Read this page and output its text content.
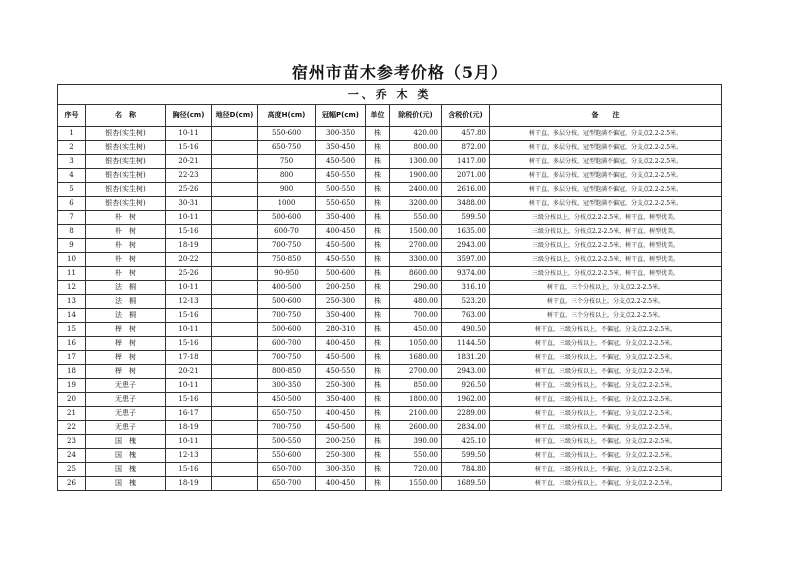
宿州市苗木参考价格（5月）
一、乔 木 类									
序号	名　称	胸径(cm)	地径D(cm)	高度H(cm)	冠幅P(cm)	单位	除税价(元)	含税价(元)	备　　注
1	银杏(实生树)	10-11		550-600	300-350	株	420.00	457.80	树干直，多层分枝，冠型饱满不偏冠，分支点2.2-2.5米。
2	银杏(实生树)	15-16		650-750	350-450	株	800.00	872.00	树干直，多层分枝，冠型饱满不偏冠，分支点2.2-2.5米。
3	银杏(实生树)	20-21		750	450-500	株	1300.00	1417.00	树干直，多层分枝，冠型饱满不偏冠，分支点2.2-2.5米。
4	银杏(实生树)	22-23		800	450-550	株	1900.00	2071.00	树干直，多层分枝，冠型饱满不偏冠，分支点2.2-2.5米。
5	银杏(实生树)	25-26		900	500-550	株	2400.00	2616.00	树干直，多层分枝，冠型饱满不偏冠，分支点2.2-2.5米。
6	银杏(实生树)	30-31		1000	550-650	株	3200.00	3488.00	树干直，多层分枝，冠型饱满不偏冠，分支点2.2-2.5米。
7	朴　树	10-11		500-600	350-400	株	550.00	599.50	三级分枝以上，分枝点2.2-2.5米，树干直，树型优美。
8	朴　树	15-16		600-70	400-450	株	1500.00	1635.00	三级分枝以上，分枝点2.2-2.5米，树干直，树型优美。
9	朴　树	18-19		700-750	450-500	株	2700.00	2943.00	三级分枝以上，分枝点2.2-2.5米，树干直，树型优美。
10	朴　树	20-22		750-850	450-550	株	3300.00	3597.00	三级分枝以上，分枝点2.2-2.5米，树干直，树型优美。
11	朴　树	25-26		90-950	500-600	株	8600.00	9374.00	三级分枝以上，分枝点2.2-2.5米，树干直，树型优美。
12	法　桐	10-11		400-500	200-250	株	290.00	316.10	树干直，三个分枝以上，分支点2.2-2.5米。
13	法　桐	12-13		500-600	250-300	株	480.00	523.20	树干直，三个分枝以上，分支点2.2-2.5米。
14	法　桐	15-16		700-750	350-400	株	700.00	763.00	树干直，三个分枝以上，分支点2.2-2.5米。
15	榉　树	10-11		500-600	280-310	株	450.00	490.50	树干直，三级分枝以上，不偏冠，分支点2.2-2.5米。
16	榉　树	15-16		600-700	400-450	株	1050.00	1144.50	树干直，三级分枝以上，不偏冠，分支点2.2-2.5米。
17	榉　树	17-18		700-750	450-500	株	1680.00	1831.20	树干直，三级分枝以上，不偏冠，分支点2.2-2.5米。
18	榉　树	20-21		800-850	450-550	株	2700.00	2943.00	树干直，三级分枝以上，不偏冠，分支点2.2-2.5米。
19	无患子	10-11		300-350	250-300	株	850.00	926.50	树干直，三级分枝以上，不偏冠，分支点2.2-2.5米。
20	无患子	15-16		450-500	350-400	株	1800.00	1962.00	树干直，三级分枝以上，不偏冠，分支点2.2-2.5米。
21	无患子	16-17		650-750	400-450	株	2100.00	2289.00	树干直，三级分枝以上，不偏冠，分支点2.2-2.5米。
22	无患子	18-19		700-750	450-500	株	2600.00	2834.00	树干直，三级分枝以上，不偏冠，分支点2.2-2.5米。
23	国　槐	10-11		500-550	200-250	株	390.00	425.10	树干直，三级分枝以上，不偏冠，分支点2.2-2.5米。
24	国　槐	12-13		550-600	250-300	株	550.00	599.50	树干直，三级分枝以上，不偏冠，分支点2.2-2.5米。
25	国　槐	15-16		650-700	300-350	株	720.00	784.80	树干直，三级分枝以上，不偏冠，分支点2.2-2.5米。
26	国　槐	18-19		650-700	400-450	株	1550.00	1689.50	树干直，三级分枝以上，不偏冠，分支点2.2-2.5米。
